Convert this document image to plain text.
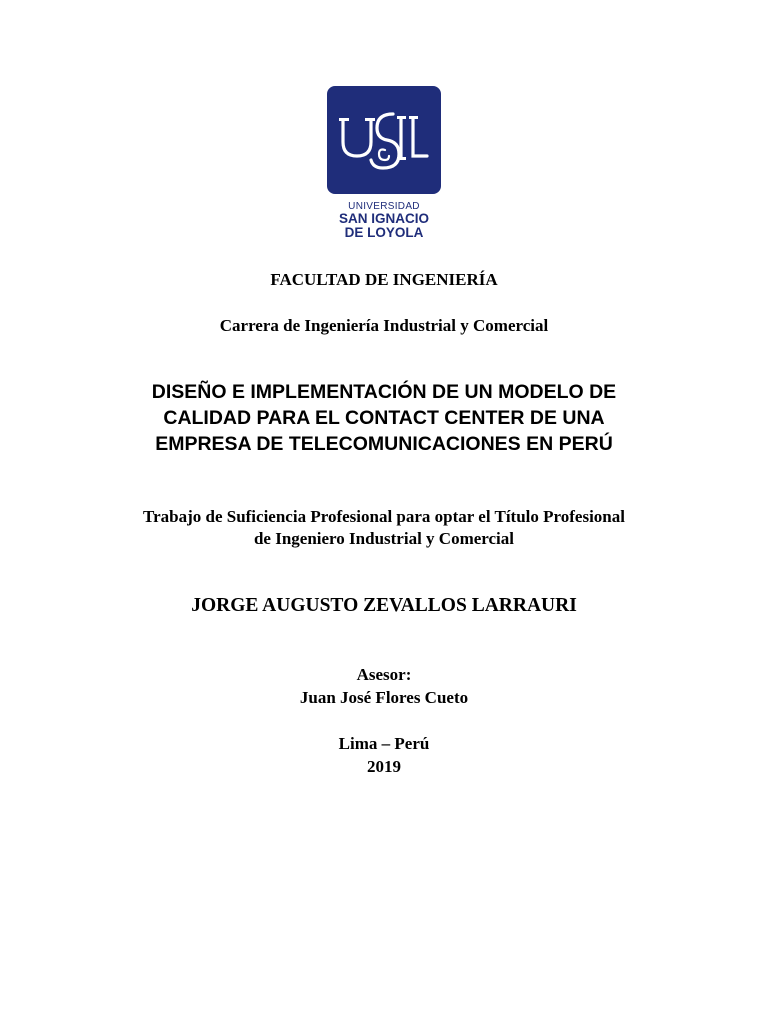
UNIVERSIDAD
SAN IGNACIO
DE LOYOLA
FACULTAD DE INGENIERÍA
Carrera de Ingeniería Industrial y Comercial
DISEÑO E IMPLEMENTACIÓN DE UN MODELO DE
CALIDAD PARA EL CONTACT CENTER DE UNA
EMPRESA DE TELECOMUNICACIONES EN PERÚ
Trabajo de Suficiencia Profesional para optar el Título Profesional
de Ingeniero Industrial y Comercial
JORGE AUGUSTO ZEVALLOS LARRAURI
Asesor:
Juan José Flores Cueto
Lima – Perú
2019
